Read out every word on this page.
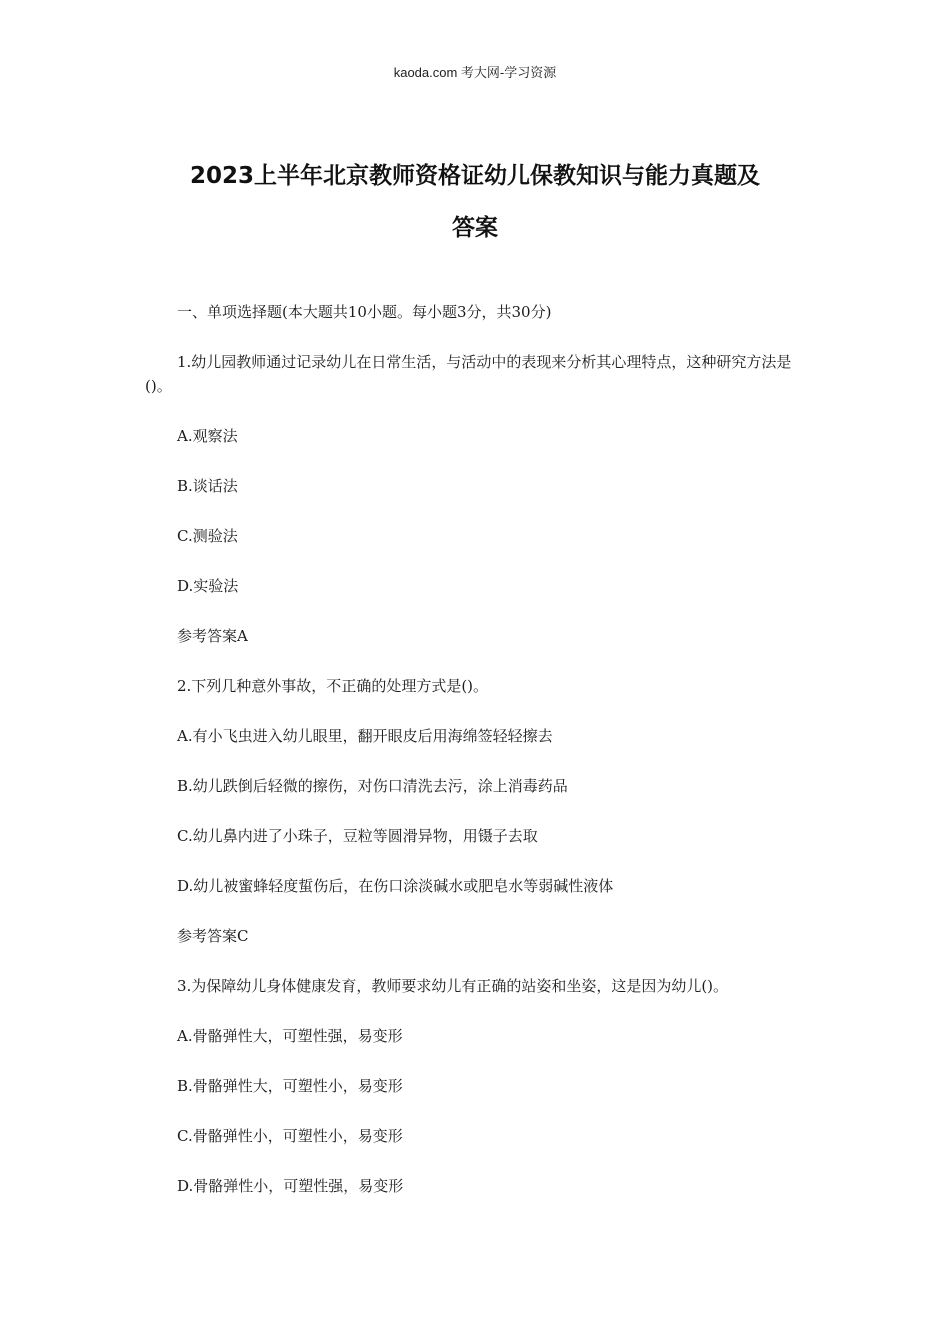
kaoda.com 考大网-学习资源
2023上半年北京教师资格证幼儿保教知识与能力真题及
答案

一、单项选择题(本大题共10小题。每小题3分，共30分)

1.幼儿园教师通过记录幼儿在日常生活，与活动中的表现来分析其心理特点，这种研究方法是()。

A.观察法

B.谈话法

C.测验法

D.实验法

参考答案A

2.下列几种意外事故，不正确的处理方式是()。

A.有小飞虫进入幼儿眼里，翻开眼皮后用海绵签轻轻擦去

B.幼儿跌倒后轻微的擦伤，对伤口清洗去污，涂上消毒药品

C.幼儿鼻内进了小珠子，豆粒等圆滑异物，用镊子去取

D.幼儿被蜜蜂轻度蜇伤后，在伤口涂淡碱水或肥皂水等弱碱性液体

参考答案C

3.为保障幼儿身体健康发育，教师要求幼儿有正确的站姿和坐姿，这是因为幼儿()。

A.骨骼弹性大，可塑性强，易变形

B.骨骼弹性大，可塑性小，易变形

C.骨骼弹性小，可塑性小，易变形

D.骨骼弹性小，可塑性强，易变形
